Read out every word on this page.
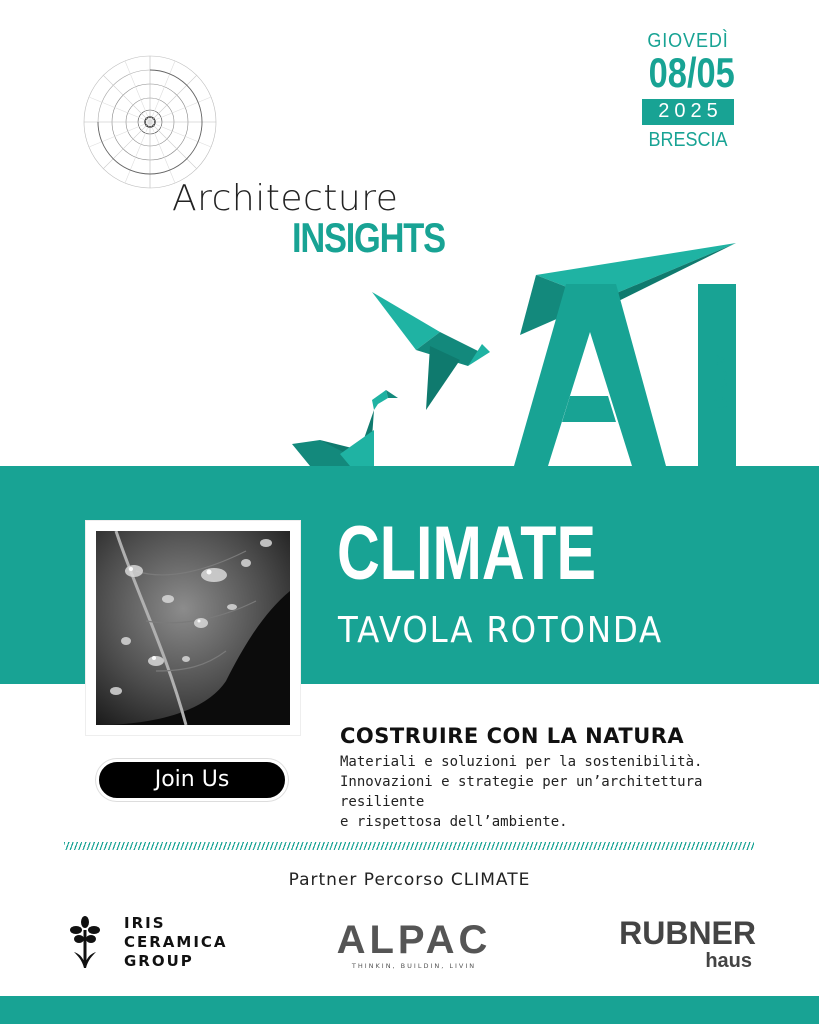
Architecture
INSIGHTS
GIOVEDÌ
08/05
2025
BRESCIA
FORUM
CLIMATE
TAVOLA ROTONDA
Join Us
COSTRUIRE CON LA NATURA
Materiali e soluzioni per la sostenibilità.
Innovazioni e strategie per un’architettura resiliente
e rispettosa dell’ambiente.
Partner Percorso CLIMATE
IRIS
CERAMICA
GROUP	ALPAC
THINKIN, BUILDIN, LIVIN
RUBNER
haus
